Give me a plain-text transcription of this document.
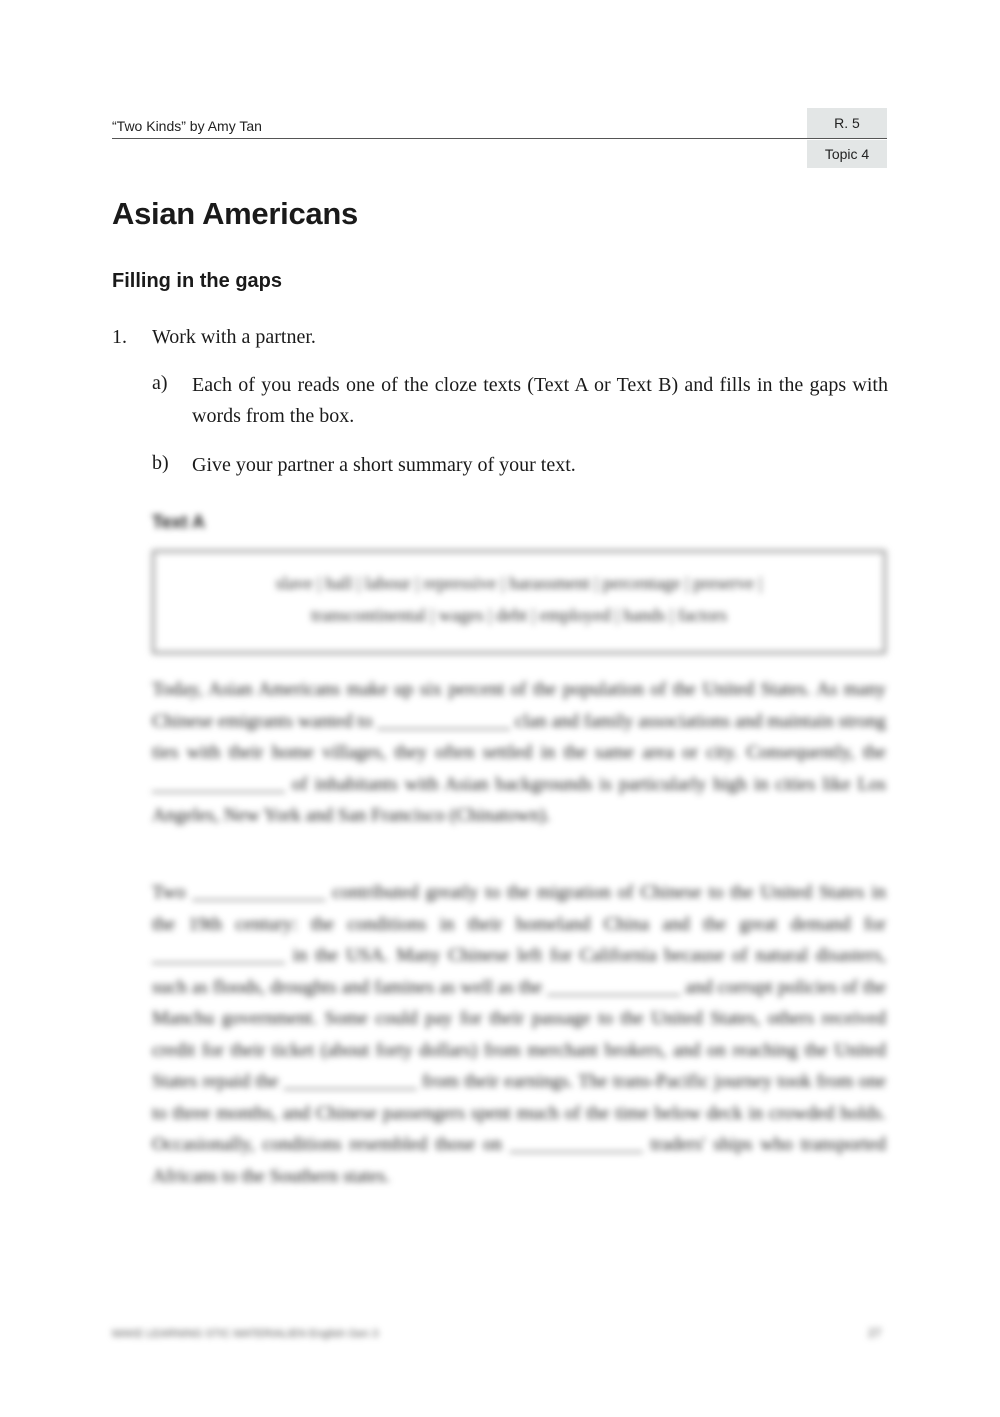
“Two Kinds” by Amy Tan	R. 5
Topic 4
Asian Americans
Filling in the gaps
1. Work with a partner.
a) Each of you reads one of the cloze texts (Text A or Text B) and fills in the gaps with words from the box.
b) Give your partner a short summary of your text.
Text A
slave | hall | labour | repressive | harassment | percentage | preserve |
transcontinental | wages | debt | employed | hands | factors
Today, Asian Americans make up six percent of the population of the United States. As many Chinese emigrants wanted to ______________ clan and family associations and maintain strong ties with their home villages, they often settled in the same area or city. Consequently, the ______________ of inhabitants with Asian backgrounds is particularly high in cities like Los Angeles, New York and San Francisco (Chinatown).
Two ______________ contributed greatly to the migration of Chinese to the United States in the 19th century: the conditions in their homeland China and the great demand for ______________ in the USA. Many Chinese left for California because of natural disasters, such as floods, droughts and famines as well as the ______________ and corrupt policies of the Manchu government. Some could pay for their passage to the United States, others received credit for their ticket (about forty dollars) from merchant brokers, and on reaching the United States repaid the ______________ from their earnings. The trans-Pacific journey took from one to three months, and Chinese passengers spent much of the time below deck in crowded holds. Occasionally, conditions resembled those on ______________ traders' ships who transported Africans to the Southern states.
MAKE LEARNING STIC MATERIALIEN English Gen 3	27
